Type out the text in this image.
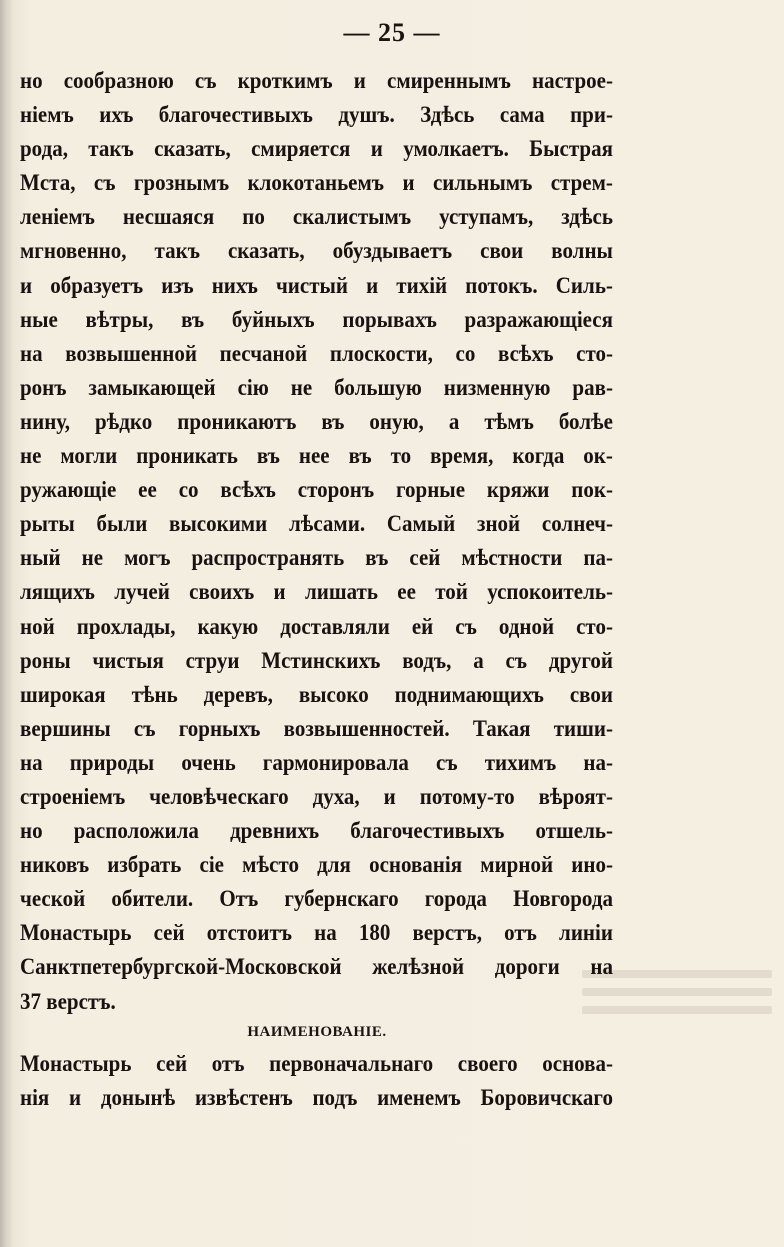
— 25 —
но сообразною съ кроткимъ и смиреннымъ настрое-
ніемъ ихъ благочестивыхъ душъ. Здѣсь сама при-
рода, такъ сказать, смиряется и умолкаетъ. Быстрая
Мста, съ грознымъ клокотаньемъ и сильнымъ стрем-
леніемъ несшаяся по скалистымъ уступамъ, здѣсь
мгновенно, такъ сказать, обуздываетъ свои волны
и образуетъ изъ нихъ чистый и тихій потокъ. Силь-
ные вѣтры, въ буйныхъ порывахъ разражающіеся
на возвышенной песчаной плоскости, со всѣхъ сто-
ронъ замыкающей сію не большую низменную рав-
нину, рѣдко проникаютъ въ оную, а тѣмъ болѣе
не могли проникать въ нее въ то время, когда ок-
ружающіе ее со всѣхъ сторонъ горные кряжи пок-
рыты были высокими лѣсами. Самый зной солнеч-
ный не могъ распространять въ сей мѣстности па-
лящихъ лучей своихъ и лишать ее той успокоитель-
ной прохлады, какую доставляли ей съ одной сто-
роны чистыя струи Мстинскихъ водъ, а съ другой
широкая тѣнь деревъ, высоко поднимающихъ свои
вершины съ горныхъ возвышенностей. Такая тиши-
на природы очень гармонировала съ тихимъ на-
строеніемъ человѣческаго духа, и потому-то вѣроят-
но расположила древнихъ благочестивыхъ отшель-
никовъ избрать сіе мѣсто для основанія мирной ино-
ческой обители. Отъ губернскаго города Новгорода
Монастырь сей отстоитъ на 180 верстъ, отъ линіи
Санктпетербургской-Московской желѣзной дороги на
37 верстъ.
НАИМЕНОВАНІЕ.
Монастырь сей отъ первоначальнаго своего основа-
нія и донынѣ извѣстенъ подъ именемъ Боровичскаго
